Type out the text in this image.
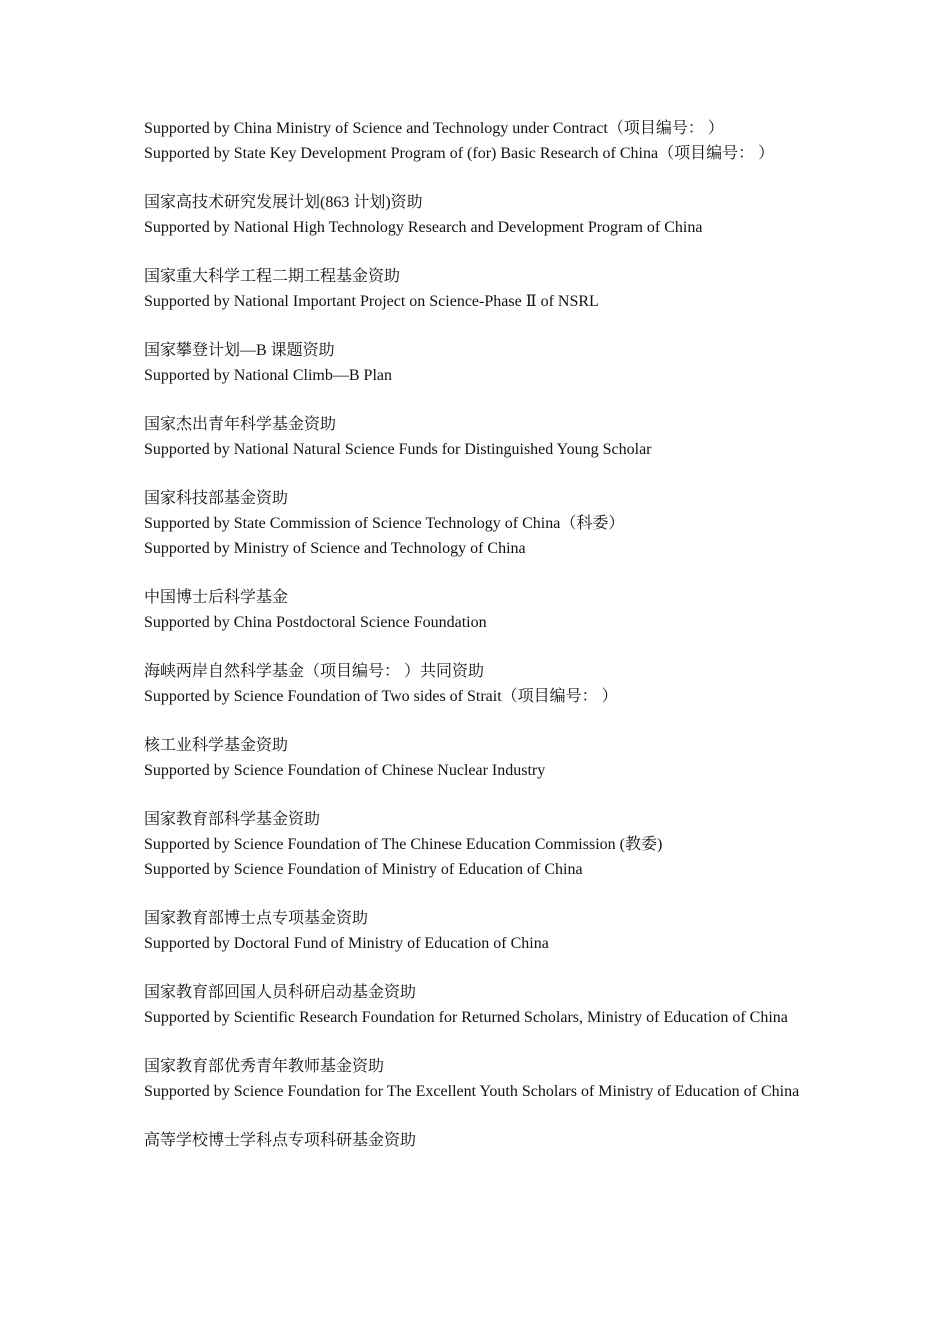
Supported by China Ministry of Science and Technology under Contract（项目编号： ）
Supported by State Key Development Program of (for) Basic Research of China（项目编号： ）
国家高技术研究发展计划(863 计划)资助
Supported by National High Technology Research and Development Program of China
国家重大科学工程二期工程基金资助
Supported by National Important Project on Science-Phase Ⅱ of NSRL
国家攀登计划—B 课题资助
Supported by National Climb—B Plan
国家杰出青年科学基金资助
Supported by National Natural Science Funds for Distinguished Young Scholar
国家科技部基金资助
Supported by State Commission of Science Technology of China（科委）
Supported by Ministry of Science and Technology of China
中国博士后科学基金
Supported by China Postdoctoral Science Foundation
海峡两岸自然科学基金（项目编号： ）共同资助
Supported by Science Foundation of Two sides of Strait（项目编号： ）
核工业科学基金资助
Supported by Science Foundation of Chinese Nuclear Industry
国家教育部科学基金资助
Supported by Science Foundation of The Chinese Education Commission (教委)
Supported by Science Foundation of Ministry of Education of China
国家教育部博士点专项基金资助
Supported by Doctoral Fund of Ministry of Education of China
国家教育部回国人员科研启动基金资助
Supported by Scientific Research Foundation for Returned Scholars, Ministry of Education of China
国家教育部优秀青年教师基金资助
Supported by Science Foundation for The Excellent Youth Scholars of Ministry of Education of China
高等学校博士学科点专项科研基金资助
